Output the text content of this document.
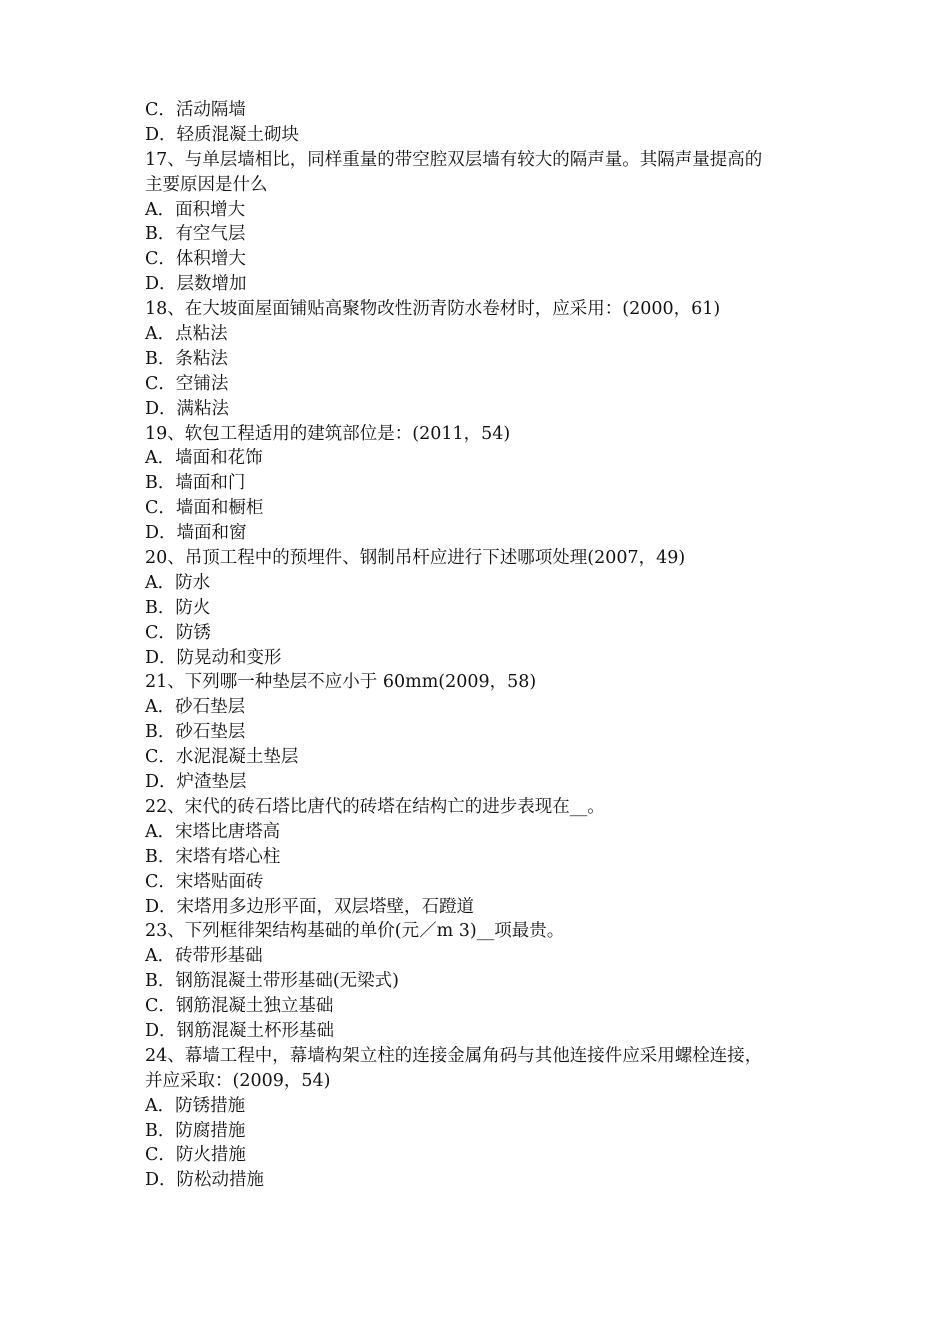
C．活动隔墙
D．轻质混凝土砌块
17、与单层墙相比，同样重量的带空腔双层墙有较大的隔声量。其隔声量提高的
主要原因是什么
A．面积增大
B．有空气层
C．体积增大
D．层数增加
18、在大坡面屋面铺贴高聚物改性沥青防水卷材时，应采用：(2000，61)
A．点粘法
B．条粘法
C．空铺法
D．满粘法
19、软包工程适用的建筑部位是：(2011，54)
A．墙面和花饰
B．墙面和门
C．墙面和橱柜
D．墙面和窗
20、吊顶工程中的预埋件、钢制吊杆应进行下述哪项处理(2007，49)
A．防水
B．防火
C．防锈
D．防晃动和变形
21、下列哪一种垫层不应小于 60mm(2009，58)
A．砂石垫层
B．砂石垫层
C．水泥混凝土垫层
D．炉渣垫层
22、宋代的砖石塔比唐代的砖塔在结构亡的进步表现在__。
A．宋塔比唐塔高
B．宋塔有塔心柱
C．宋塔贴面砖
D．宋塔用多边形平面，双层塔壁，石蹬道
23、下列框徘架结构基础的单价(元／m 3)__项最贵。
A．砖带形基础
B．钢筋混凝土带形基础(无梁式)
C．钢筋混凝土独立基础
D．钢筋混凝土杯形基础
24、幕墙工程中，幕墙构架立柱的连接金属角码与其他连接件应采用螺栓连接，
并应采取：(2009，54)
A．防锈措施
B．防腐措施
C．防火措施
D．防松动措施
